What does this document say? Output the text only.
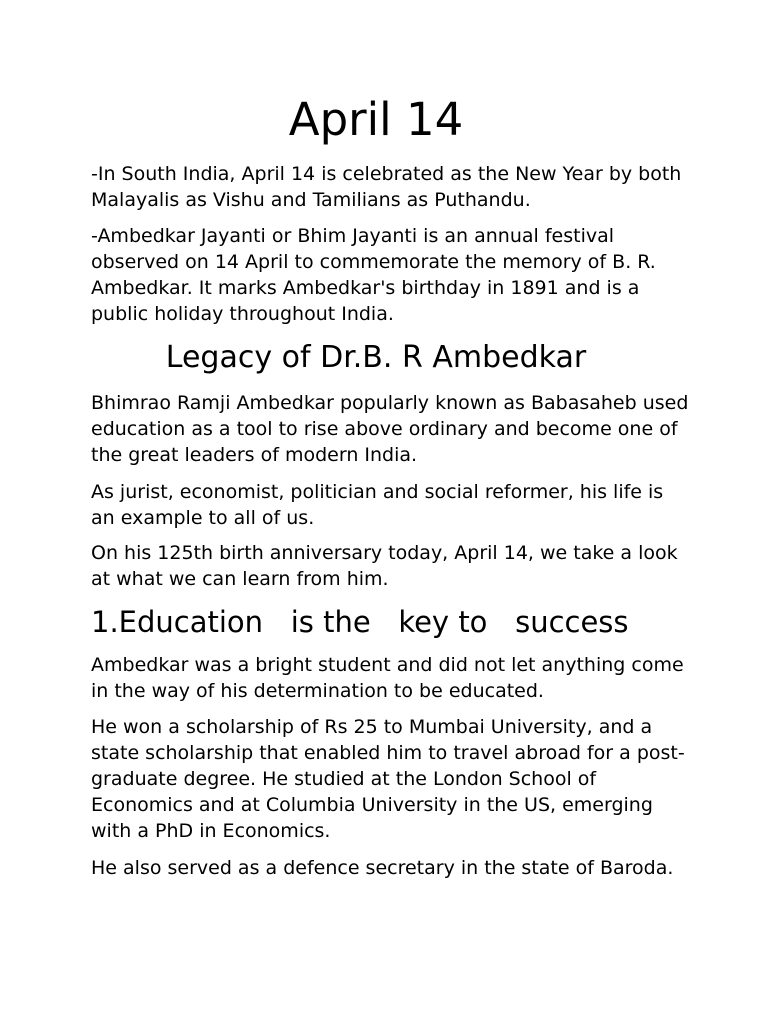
April 14

-In South India, April 14 is celebrated as the New Year by both Malayalis as Vishu and Tamilians as Puthandu.

-Ambedkar Jayanti or Bhim Jayanti is an annual festival observed on 14 April to commemorate the memory of B. R. Ambedkar. It marks Ambedkar's birthday in 1891 and is a public holiday throughout India.

Legacy of Dr.B. R Ambedkar

Bhimrao Ramji Ambedkar popularly known as Babasaheb used education as a tool to rise above ordinary and become one of the great leaders of modern India.

As jurist, economist, politician and social reformer, his life is an example to all of us.

On his 125th birth anniversary today, April 14, we take a look at what we can learn from him.

1.Education   is the   key to   success

Ambedkar was a bright student and did not let anything come in the way of his determination to be educated.

He won a scholarship of Rs 25 to Mumbai University, and a state scholarship that enabled him to travel abroad for a post-graduate degree. He studied at the London School of Economics and at Columbia University in the US, emerging with a PhD in Economics.

He also served as a defence secretary in the state of Baroda.
